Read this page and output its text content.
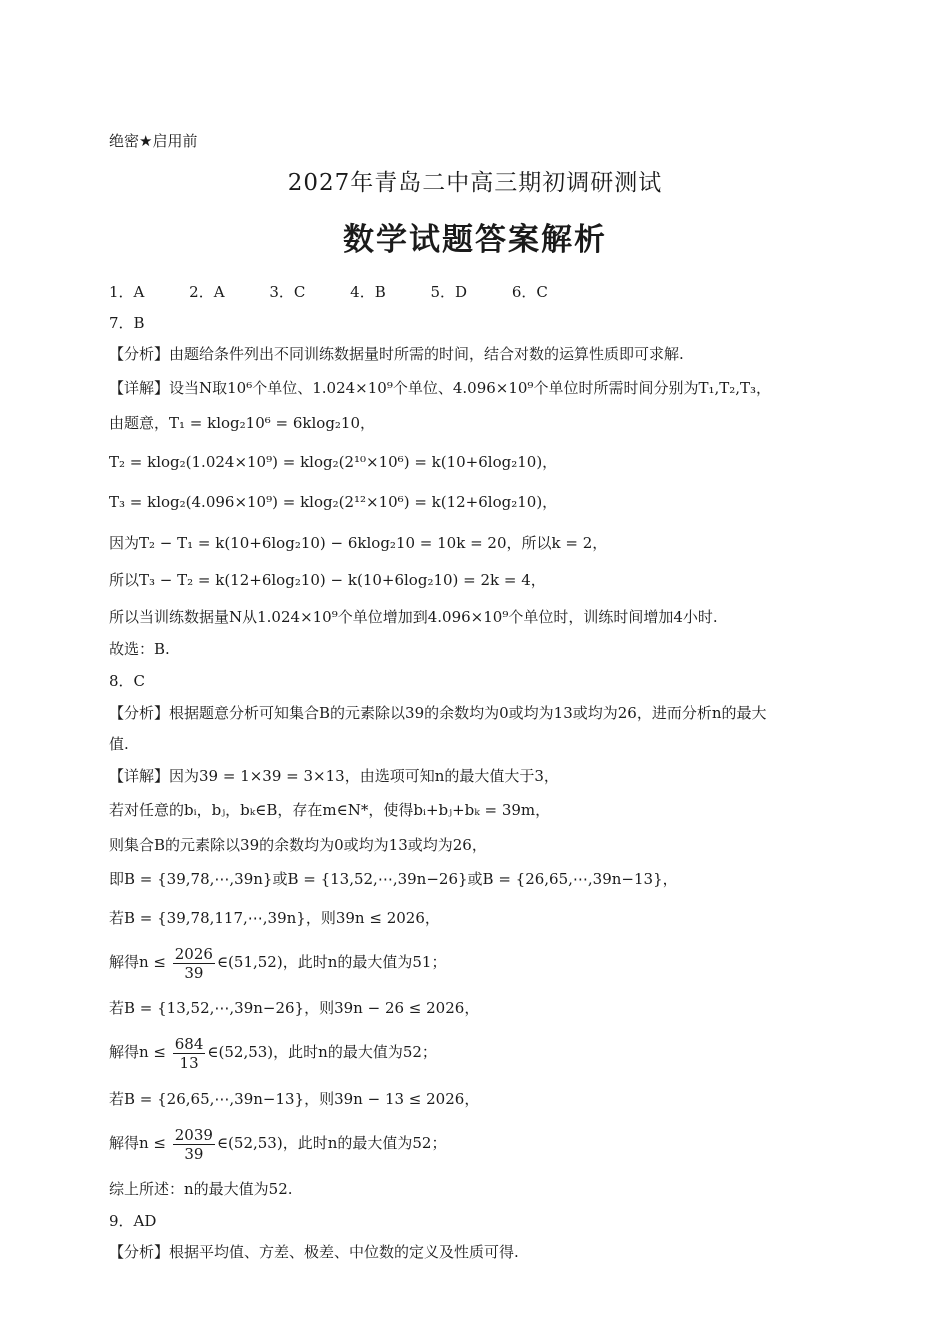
绝密★启用前
2027年青岛二中高三期初调研测试
数学试题答案解析
1．A	2．A	3．C	4．B	5．D	6．C
7．B
【分析】由题给条件列出不同训练数据量时所需的时间，结合对数的运算性质即可求解.
【详解】设当N取10⁶个单位、1.024×10⁹个单位、4.096×10⁹个单位时所需时间分别为T₁,T₂,T₃，
由题意，T₁ = klog₂10⁶ = 6klog₂10，
T₂ = klog₂(1.024×10⁹) = klog₂(2¹⁰×10⁶) = k(10+6log₂10)，
T₃ = klog₂(4.096×10⁹) = klog₂(2¹²×10⁶) = k(12+6log₂10)，
因为T₂ − T₁ = k(10+6log₂10) − 6klog₂10 = 10k = 20，所以k = 2，
所以T₃ − T₂ = k(12+6log₂10) − k(10+6log₂10) = 2k = 4，
所以当训练数据量N从1.024×10⁹个单位增加到4.096×10⁹个单位时，训练时间增加4小时.
故选：B.
8．C
【分析】根据题意分析可知集合B的元素除以39的余数均为0或均为13或均为26，进而分析n的最大
值.
【详解】因为39 = 1×39 = 3×13，由选项可知n的最大值大于3，
若对任意的bᵢ，bⱼ，bₖ∈B，存在m∈N*，使得bᵢ+bⱼ+bₖ = 39m，
则集合B的元素除以39的余数均为0或均为13或均为26，
即B = {39,78,⋯,39n}或B = {13,52,⋯,39n−26}或B = {26,65,⋯,39n−13}，
若B = {39,78,117,⋯,39n}，则39n ≤ 2026，
解得$n \le \frac{2026}{39}$ ∈(51,52)，此时n的最大值为51；
若B = {13,52,⋯,39n−26}，则39n − 26 ≤ 2026，
解得$n \le \frac{684}{13}$ ∈(52,53)，此时n的最大值为52；
若B = {26,65,⋯,39n−13}，则39n − 13 ≤ 2026，
解得$n \le \frac{2039}{39}$ ∈(52,53)，此时n的最大值为52；
综上所述：n的最大值为52.
9．AD
【分析】根据平均值、方差、极差、中位数的定义及性质可得.
